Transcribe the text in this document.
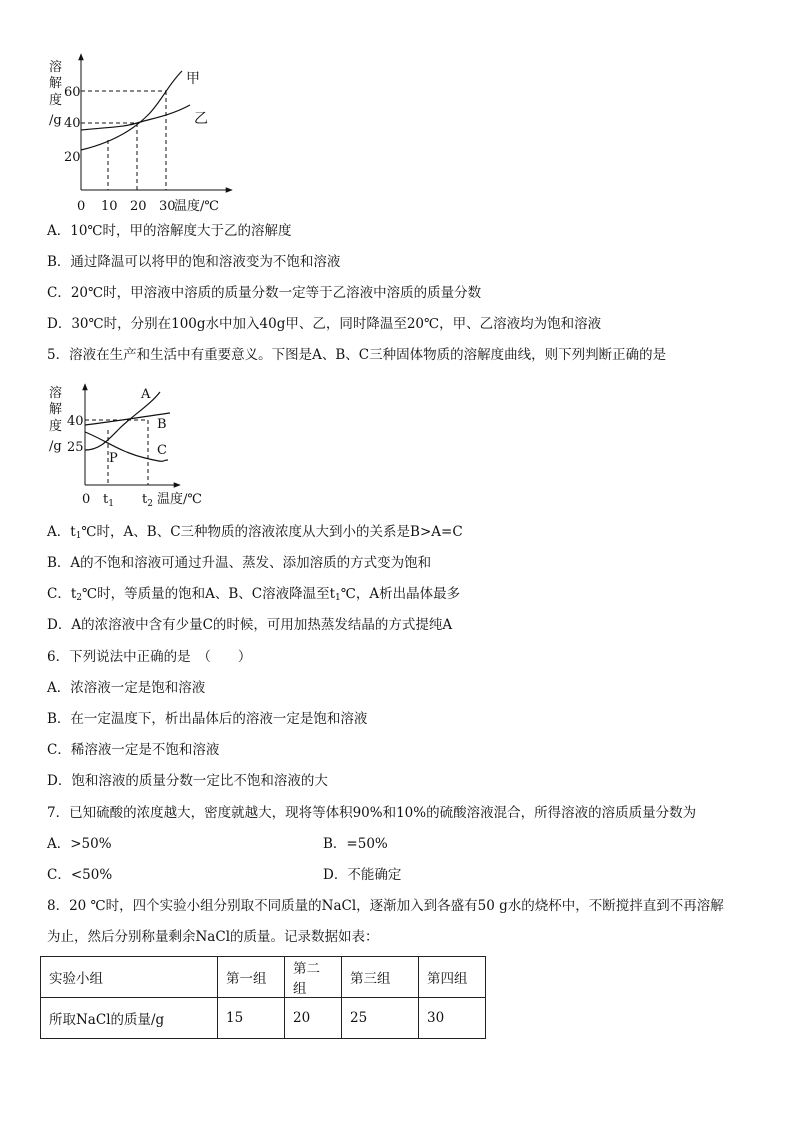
溶
解
度
/g
60
40
20
甲
乙
0 10 20 30
温度/℃
A．10℃时，甲的溶解度大于乙的溶解度
B．通过降温可以将甲的饱和溶液变为不饱和溶液
C．20℃时，甲溶液中溶质的质量分数一定等于乙溶液中溶质的质量分数
D．30℃时，分别在100g水中加入40g甲、乙，同时降温至20℃，甲、乙溶液均为饱和溶液
5．溶液在生产和生活中有重要意义。下图是A、B、C三种固体物质的溶解度曲线，则下列判断正确的是
溶
解
度
/g
40
25
A
B
C
P
0 $t_1$ $t_2$ 温度/℃
A．$t_1℃$时，A、B、C三种物质的溶液浓度从大到小的关系是B>A=C
B．A的不饱和溶液可通过升温、蒸发、添加溶质的方式变为饱和
C．$t_2℃$时，等质量的饱和A、B、C溶液降温至$t_1℃$，A析出晶体最多
D．A的浓溶液中含有少量C的时候，可用加热蒸发结晶的方式提纯A
6．下列说法中正确的是　（　　）
A．浓溶液一定是饱和溶液
B．在一定温度下，析出晶体后的溶液一定是饱和溶液
C．稀溶液一定是不饱和溶液
D．饱和溶液的质量分数一定比不饱和溶液的大
7．已知硫酸的浓度越大，密度就越大，现将等体积90%和10%的硫酸溶液混合，所得溶液的溶质质量分数为
A．>50%	B．=50%
C．<50%	D．不能确定
8．20 ℃时，四个实验小组分别取不同质量的NaCl，逐渐加入到各盛有50 g水的烧杯中，不断搅拌直到不再溶解
为止，然后分别称量剩余NaCl的质量。记录数据如表：
实验小组	第一组	第二组	第三组	第四组
所取NaCl的质量/g	15	20	25	30
